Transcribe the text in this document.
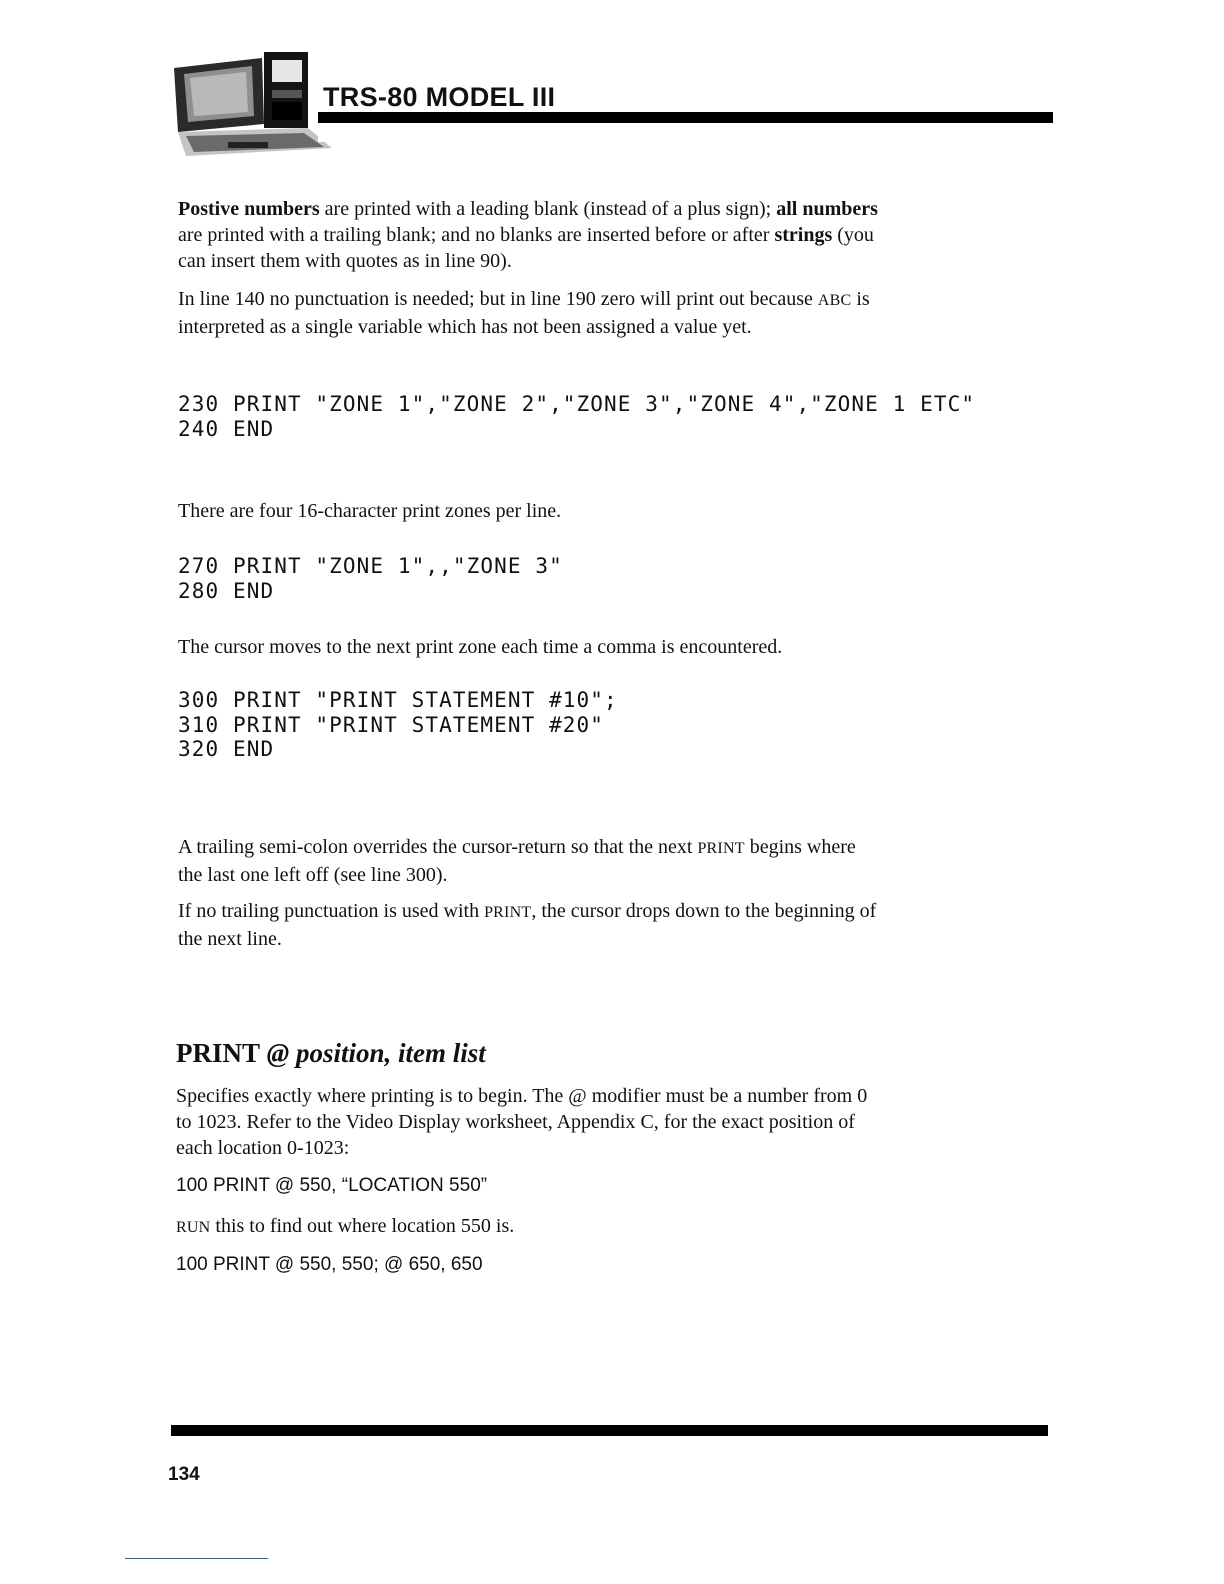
TRS-80 MODEL III

Postive numbers are printed with a leading blank (instead of a plus sign); all numbers are printed with a trailing blank; and no blanks are inserted before or after strings (you can insert them with quotes as in line 90).

In line 140 no punctuation is needed; but in line 190 zero will print out because ABC is interpreted as a single variable which has not been assigned a value yet.

230 PRINT "ZONE 1","ZONE 2","ZONE 3","ZONE 4","ZONE 1 ETC"
240 END

There are four 16-character print zones per line.

270 PRINT "ZONE 1",,"ZONE 3"
280 END

The cursor moves to the next print zone each time a comma is encountered.

300 PRINT "PRINT STATEMENT #10";
310 PRINT "PRINT STATEMENT #20"
320 END

A trailing semi-colon overrides the cursor-return so that the next PRINT begins where the last one left off (see line 300).

If no trailing punctuation is used with PRINT, the cursor drops down to the beginning of the next line.

PRINT @ position, item list

Specifies exactly where printing is to begin. The @ modifier must be a number from 0 to 1023. Refer to the Video Display worksheet, Appendix C, for the exact position of each location 0-1023:

100 PRINT @ 550, “LOCATION 550”

RUN this to find out where location 550 is.

100 PRINT @ 550, 550; @ 650, 650

134
